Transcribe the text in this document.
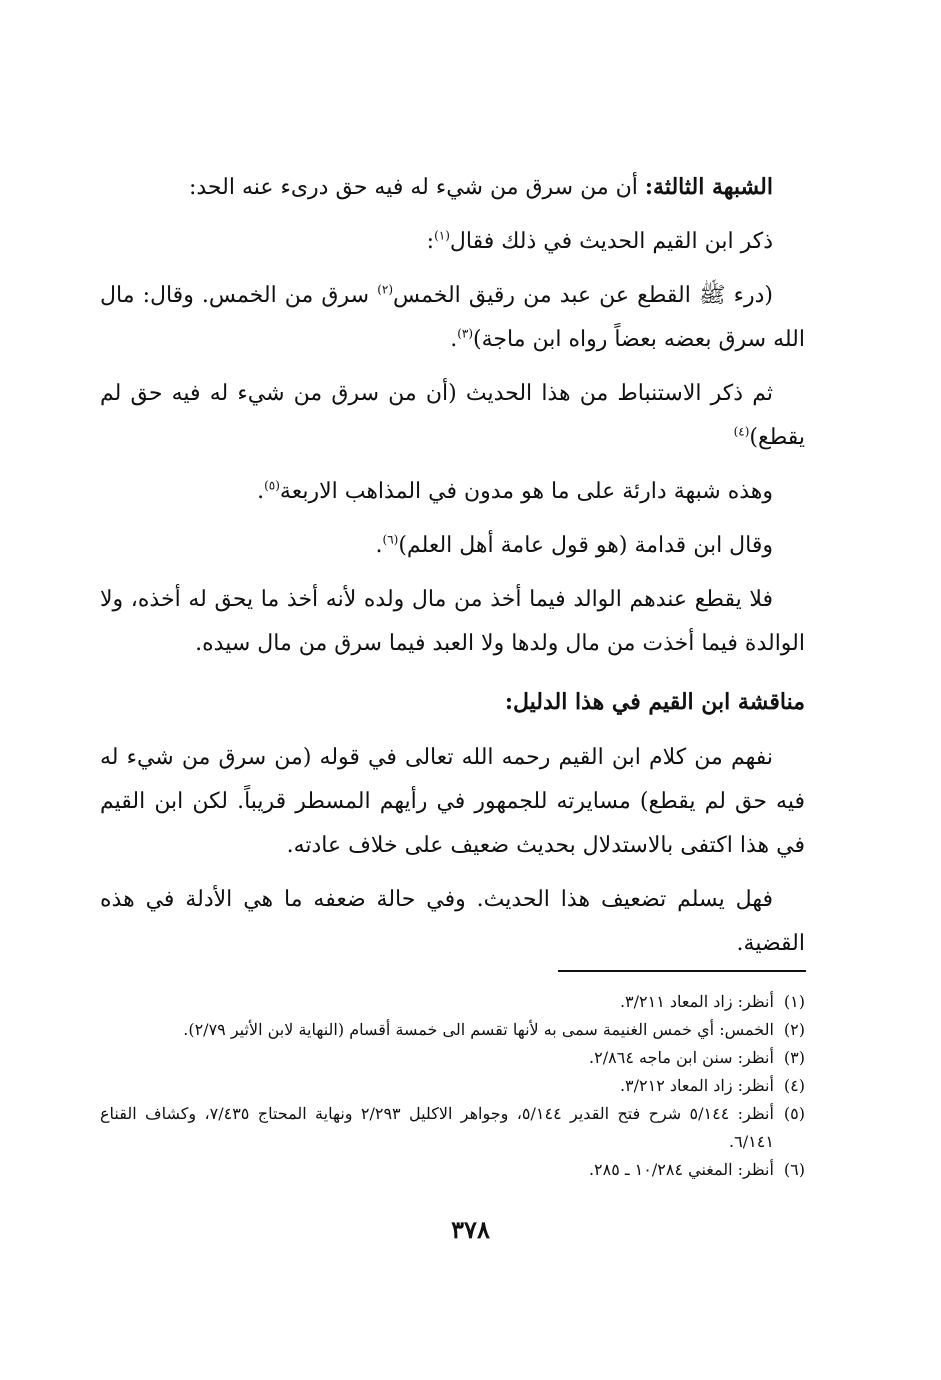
الشبهة الثالثة: أن من سرق من شيء له فيه حق درىء عنه الحد:

ذكر ابن القيم الحديث في ذلك فقال$^{(١)}$:

(درء ﷺ القطع عن عبد من رقيق الخمس$^{(٢)}$ سرق من الخمس. وقال: مال الله سرق بعضه بعضاً رواه ابن ماجة)$^{(٣)}$.

ثم ذكر الاستنباط من هذا الحديث (أن من سرق من شيء له فيه حق لم يقطع)$^{(٤)}$

وهذه شبهة دارئة على ما هو مدون في المذاهب الاربعة$^{(٥)}$.

وقال ابن قدامة (هو قول عامة أهل العلم)$^{(٦)}$.

فلا يقطع عندهم الوالد فيما أخذ من مال ولده لأنه أخذ ما يحق له أخذه، ولا الوالدة فيما أخذت من مال ولدها ولا العبد فيما سرق من مال سيده.

مناقشة ابن القيم في هذا الدليل:

نفهم من كلام ابن القيم رحمه الله تعالى في قوله (من سرق من شيء له فيه حق لم يقطع) مسايرته للجمهور في رأيهم المسطر قريباً. لكن ابن القيم في هذا اكتفى بالاستدلال بحديث ضعيف على خلاف عادته.

فهل يسلم تضعيف هذا الحديث. وفي حالة ضعفه ما هي الأدلة في هذه القضية.

(١)
أنظر: زاد المعاد ٣/٢١١.
(٢)
الخمس: أي خمس الغنيمة سمى به لأنها تقسم الى خمسة أقسام (النهاية لابن الأثير ٢/٧٩).
(٣)
أنظر: سنن ابن ماجه ٢/٨٦٤.
(٤)
أنظر: زاد المعاد ٣/٢١٢.
(٥)
أنظر: ٥/١٤٤ شرح فتح القدير ٥/١٤٤، وجواهر الاكليل ٢/٢٩٣ ونهاية المحتاج ٧/٤٣٥، وكشاف القناع ٦/١٤١.
(٦)
أنظر: المغني ١٠/٢٨٤ ـ ٢٨٥.
٣٧٨
